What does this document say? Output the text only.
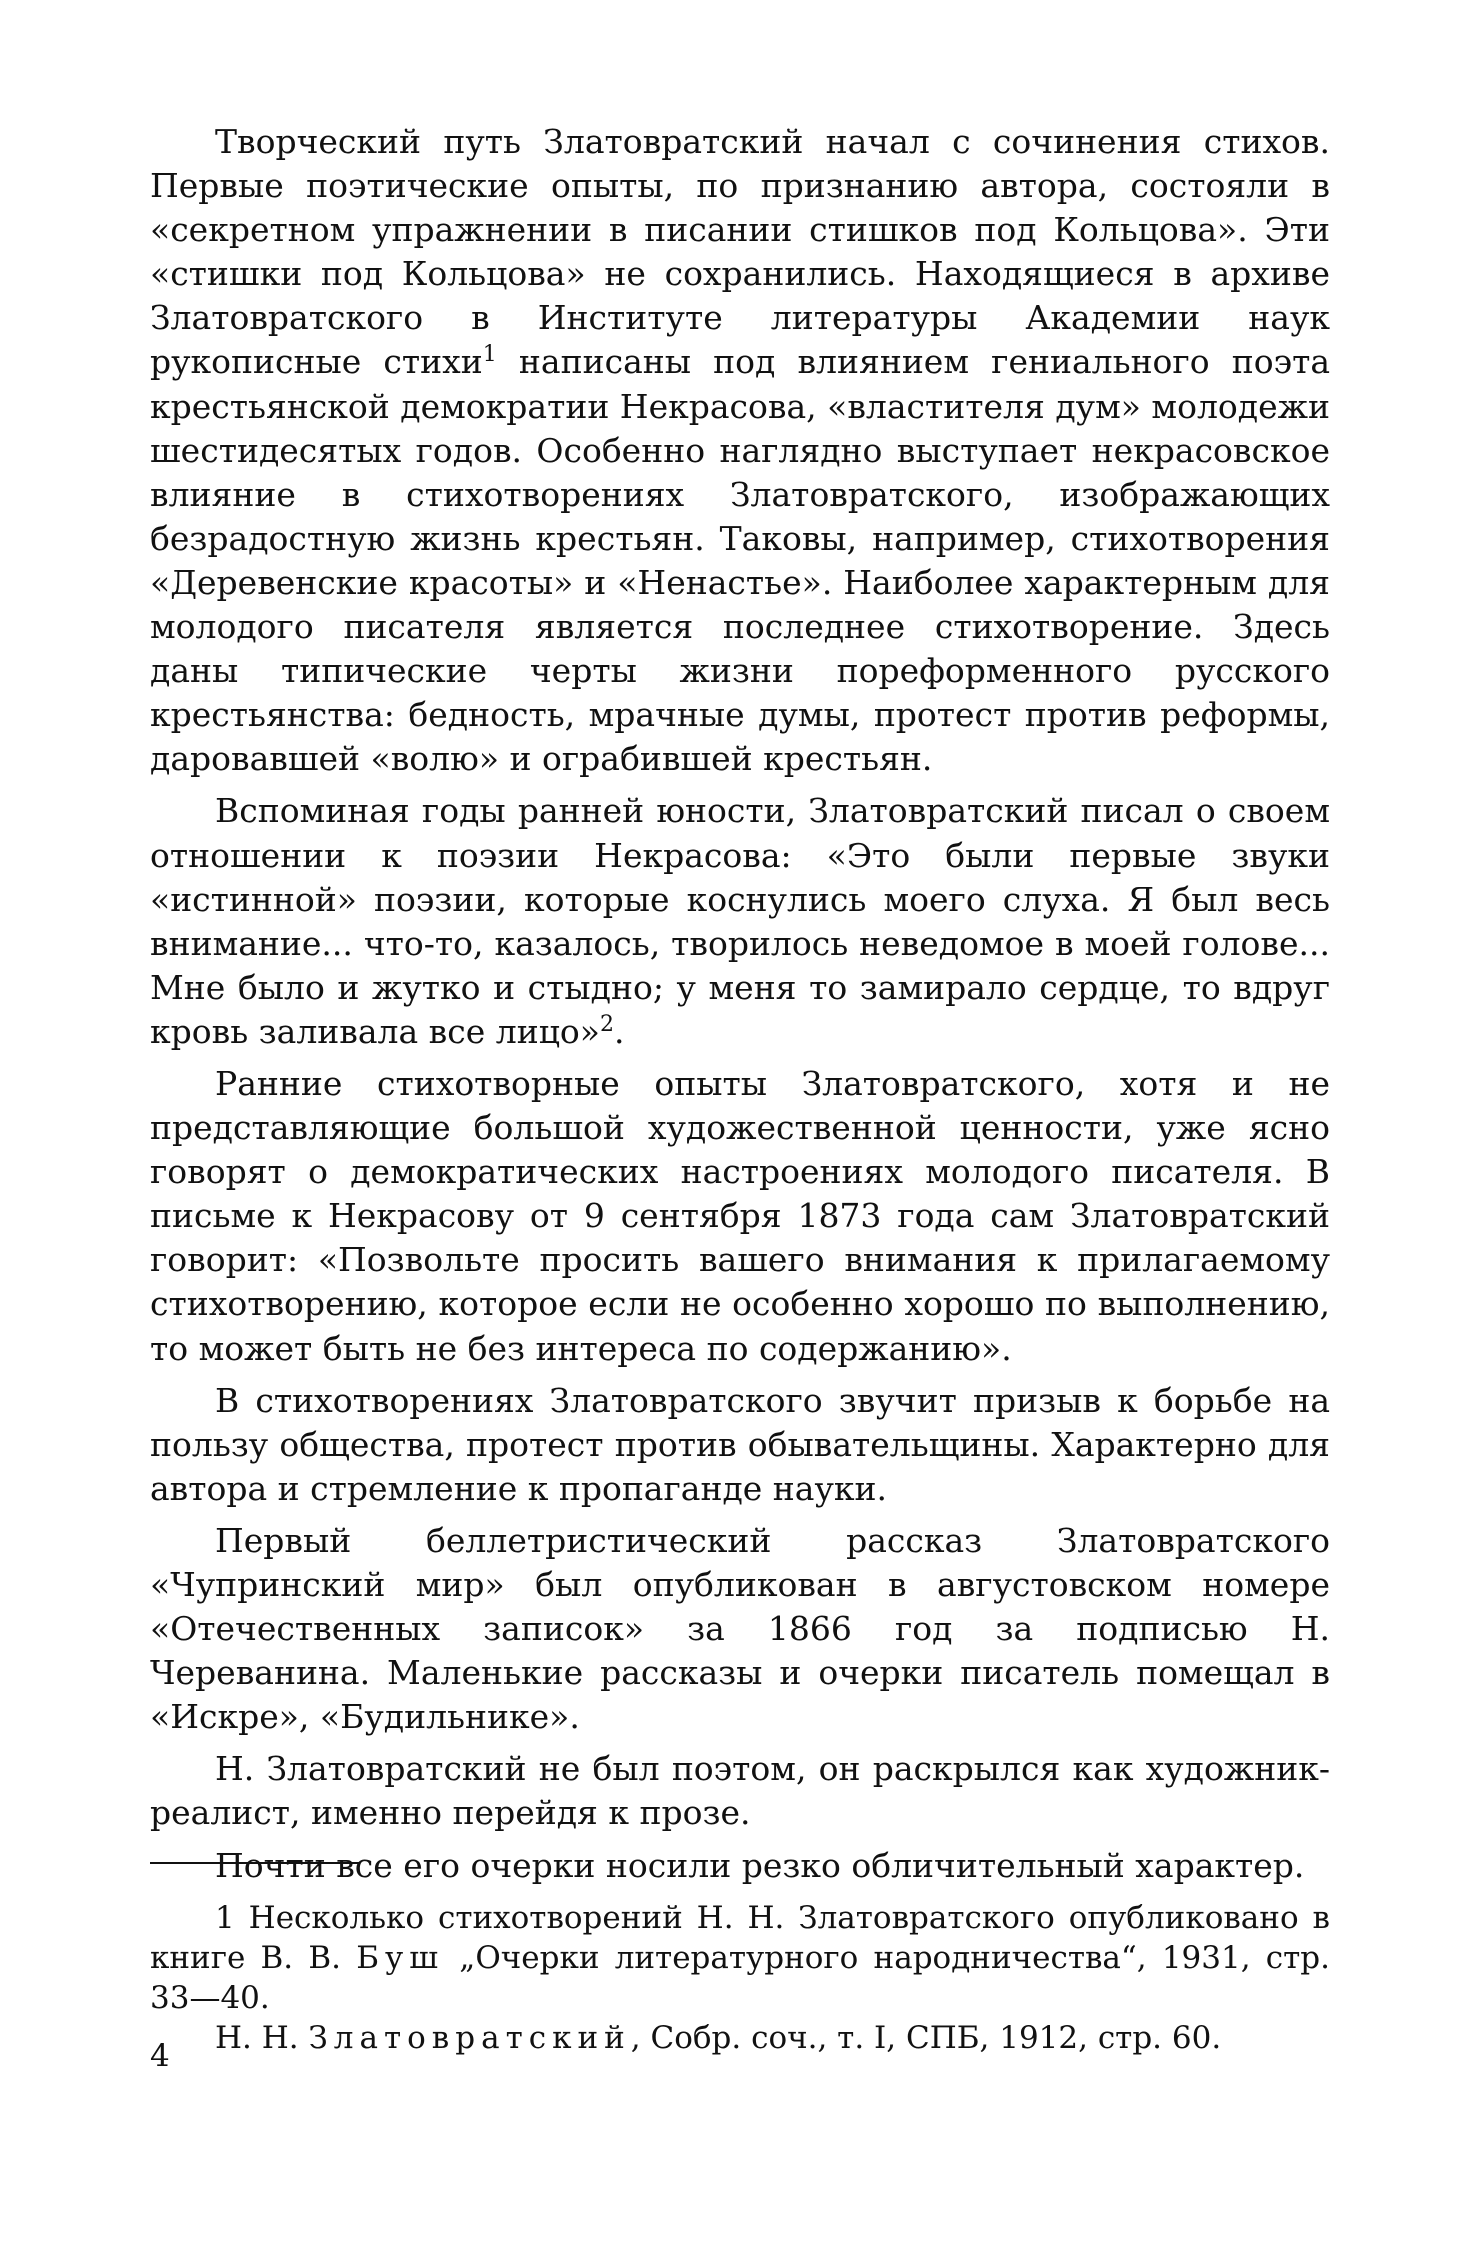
Творческий путь Златовратский начал с сочинения стихов. Первые поэтические опыты, по признанию автора, состояли в «секретном упражнении в писании стишков под Кольцова». Эти «стишки под Кольцова» не сохранились. Находящиеся в архиве Златовратского в Институте литературы Академии наук рукописные стихи$^1$ написаны под влиянием гениального поэта крестьянской демократии Некрасова, «властителя дум» молодежи шестидесятых годов. Особенно наглядно выступает некрасовское влияние в стихотворениях Златовратского, изображающих безрадостную жизнь крестьян. Таковы, например, стихотворения «Деревенские красоты» и «Ненастье». Наиболее характерным для молодого писателя является последнее стихотворение. Здесь даны типические черты жизни пореформенного русского крестьянства: бедность, мрачные думы, протест против реформы, даровавшей «волю» и ограбившей крестьян.

Вспоминая годы ранней юности, Златовратский писал о своем отношении к поэзии Некрасова: «Это были первые звуки «истинной» поэзии, которые коснулись моего слуха. Я был весь внимание... что-то, казалось, творилось неведомое в моей голове... Мне было и жутко и стыдно; у меня то замирало сердце, то вдруг кровь заливала все лицо»$^2$.

Ранние стихотворные опыты Златовратского, хотя и не представляющие большой художественной ценности, уже ясно говорят о демократических настроениях молодого писателя. В письме к Некрасову от 9 сентября 1873 года сам Златовратский говорит: «Позвольте просить вашего внимания к прилагаемому стихотворению, которое если не особенно хорошо по выполнению, то может быть не без интереса по содержанию».

В стихотворениях Златовратского звучит призыв к борьбе на пользу общества, протест против обывательщины. Характерно для автора и стремление к пропаганде науки.

Первый беллетристический рассказ Златовратского «Чупринский мир» был опубликован в августовском номере «Отечественных записок» за 1866 год за подписью Н. Череванина. Маленькие рассказы и очерки писатель помещал в «Искре», «Будильнике».

Н. Златовратский не был поэтом, он раскрылся как художник-реалист, именно перейдя к прозе.

Почти все его очерки носили резко обличительный характер.

1 Несколько стихотворений Н. Н. Златовратского опубликовано в книге В. В. Буш „Очерки литературного народничества“, 1931, стр. 33—40.

Н. Н. Златовратский, Собр. соч., т. I, СПБ, 1912, стр. 60.

4
